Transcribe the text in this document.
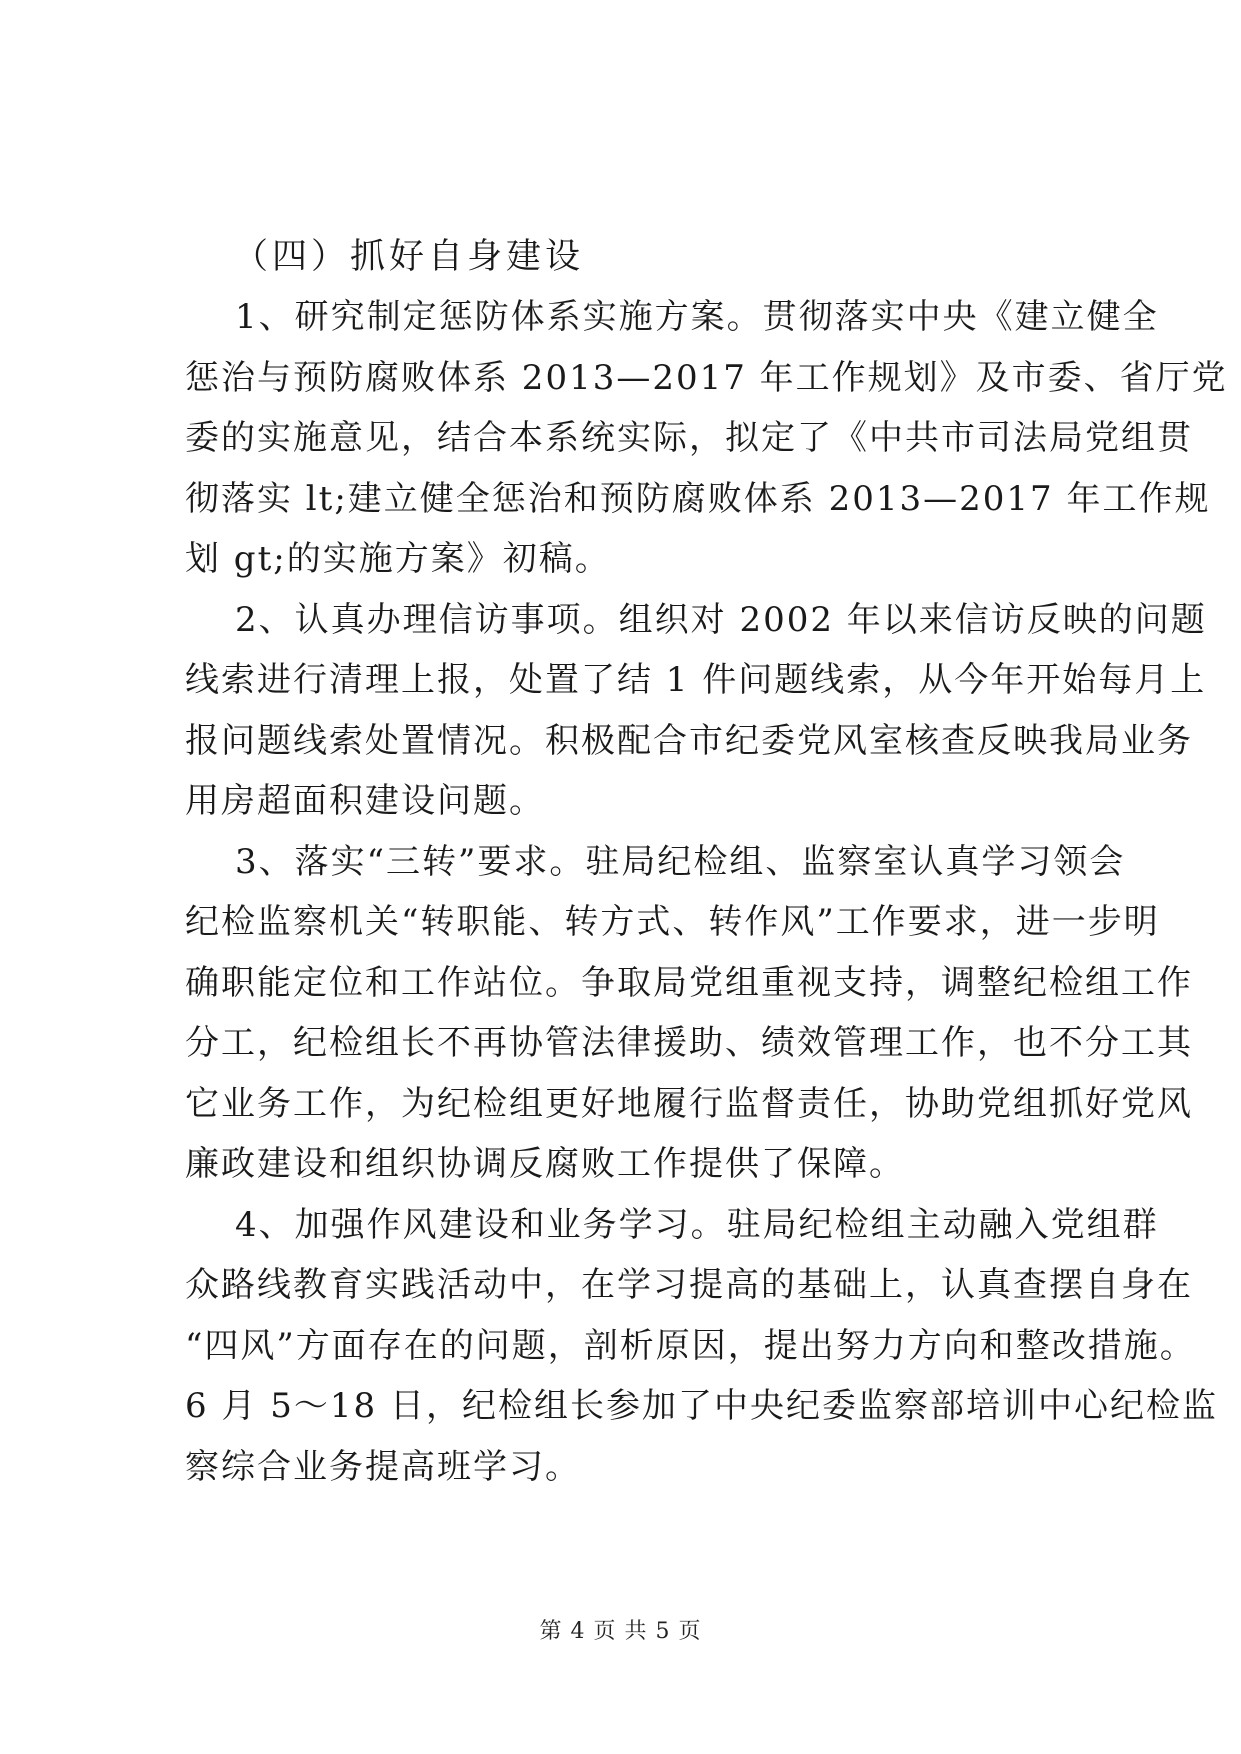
（四）抓好自身建设

1、研究制定惩防体系实施方案。贯彻落实中央《建立健全
惩治与预防腐败体系 2013—2017 年工作规划》及市委、省厅党
委的实施意见，结合本系统实际，拟定了《中共市司法局党组贯
彻落实 lt;建立健全惩治和预防腐败体系 2013—2017 年工作规
划 gt;的实施方案》初稿。

2、认真办理信访事项。组织对 2002 年以来信访反映的问题
线索进行清理上报，处置了结 1 件问题线索，从今年开始每月上
报问题线索处置情况。积极配合市纪委党风室核查反映我局业务
用房超面积建设问题。

3、落实“三转”要求。驻局纪检组、监察室认真学习领会
纪检监察机关“转职能、转方式、转作风”工作要求，进一步明
确职能定位和工作站位。争取局党组重视支持，调整纪检组工作
分工，纪检组长不再协管法律援助、绩效管理工作，也不分工其
它业务工作，为纪检组更好地履行监督责任，协助党组抓好党风
廉政建设和组织协调反腐败工作提供了保障。

4、加强作风建设和业务学习。驻局纪检组主动融入党组群
众路线教育实践活动中，在学习提高的基础上，认真查摆自身在
“四风”方面存在的问题，剖析原因，提出努力方向和整改措施。
6 月 5～18 日，纪检组长参加了中央纪委监察部培训中心纪检监
察综合业务提高班学习。

第 4 页 共 5 页
